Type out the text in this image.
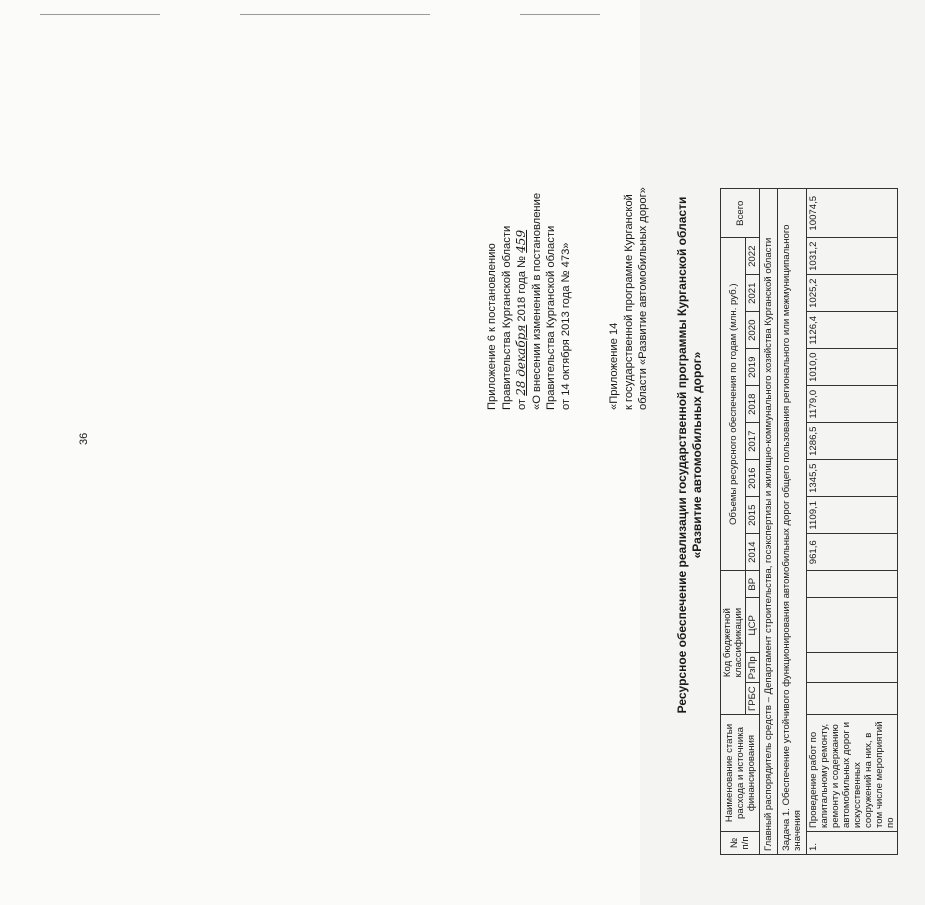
36
Приложение 6 к постановлению Правительства Курганской области от 28 декабря 2018 года № 459 «О внесении изменений в постановление Правительства Курганской области от 14 октября 2013 года № 473»	«Приложение 14 к государственной программе Курганской области «Развитие автомобильных дорог» Ресурсное обеспечение реализации государственной программы Курганской области «Развитие автомобильных дорог»
№ п/п	Наименование статьи расхода и источника финансирования	Код бюджетной классификации				Объемы ресурсного обеспечения по годам (млн. руб.)									Всего
		ГРБС	РзПр	ЦСР	ВР	2014	2015	2016	2017	2018	2019	2020	2021	2022	
Главный распорядитель средств – Департамент строительства, госэкспертизы и жилищно-коммунального хозяйства Курганской области															
Задача 1. Обеспечение устойчивого функционирования автомобильных дорог общего пользования регионального или межмуниципального значения															
1.	Проведение работ по капитальному ремонту, ремонту и содержанию автомобильных дорог и искусственных сооружений на них, в том числе мероприятий по					961,6	1109,1	1345,5	1286,5	1179,0	1010,0	1126,4	1025,2	1031,2	10074,5
